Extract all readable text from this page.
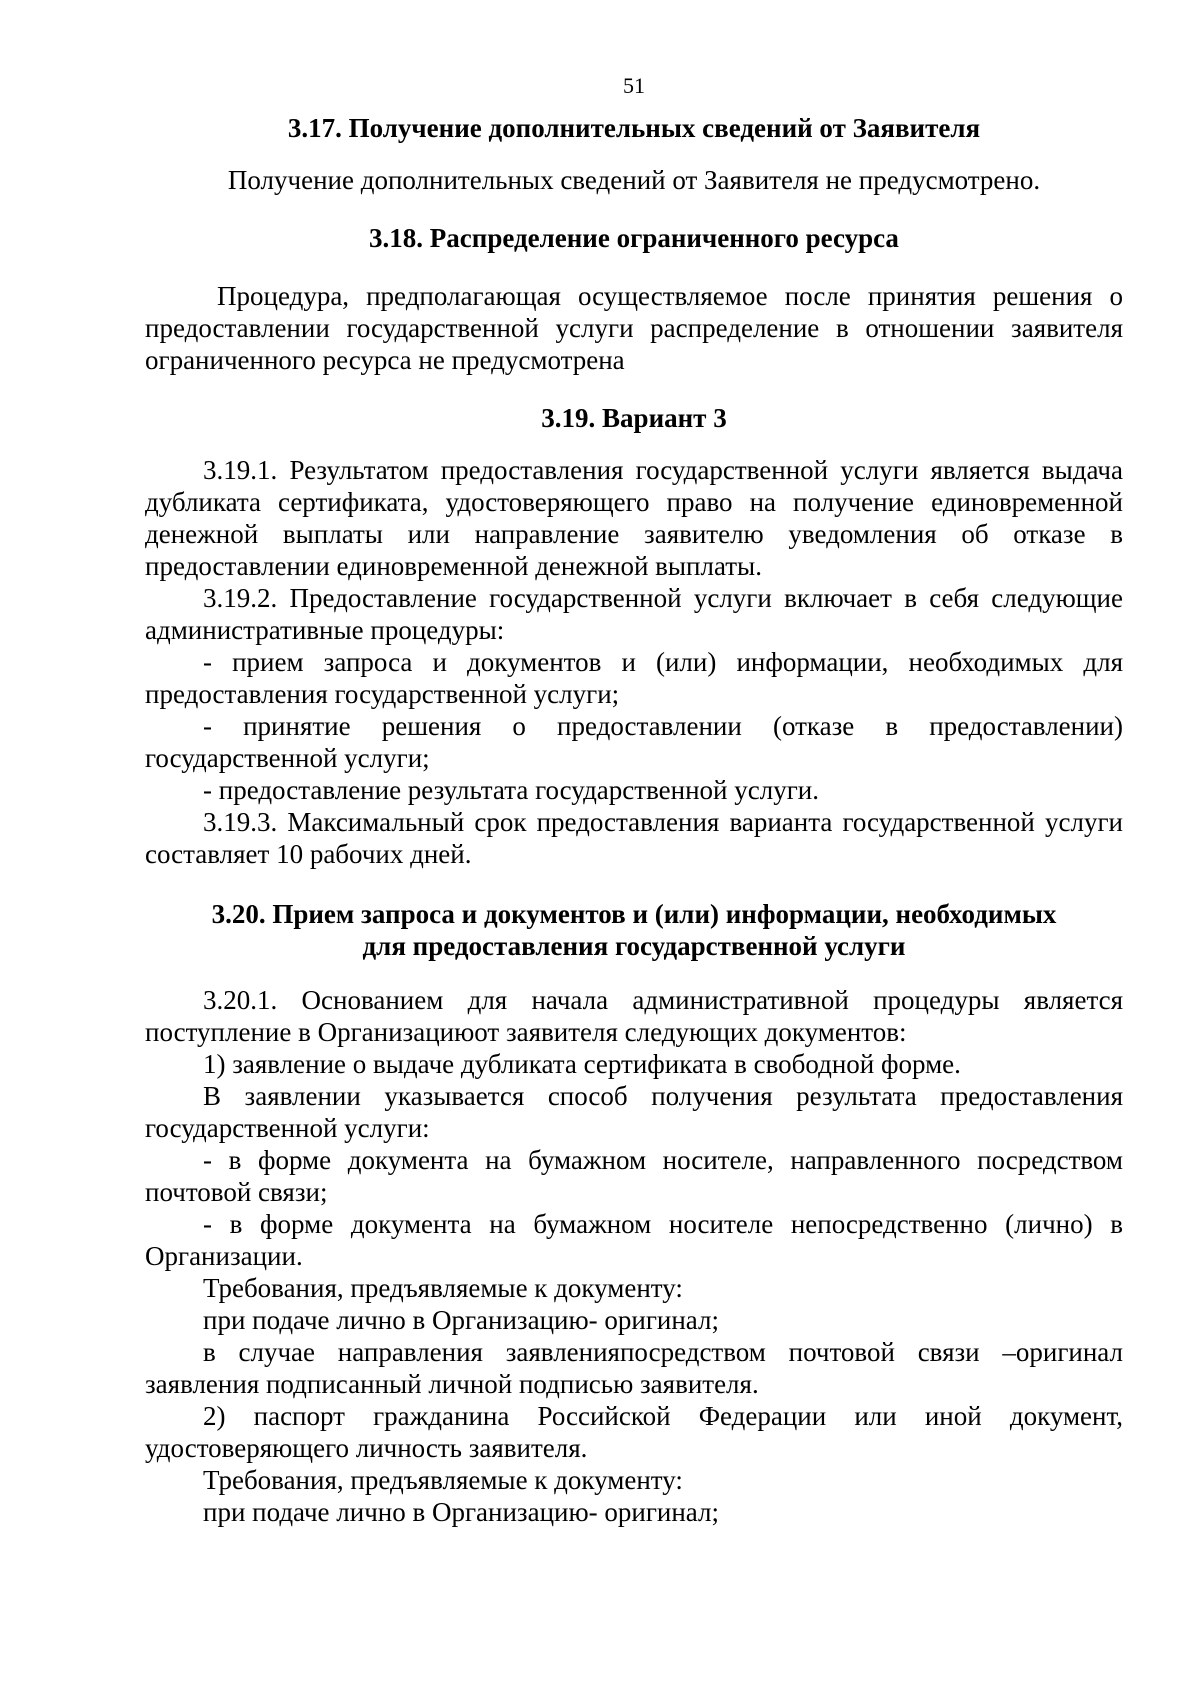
51
3.17. Получение дополнительных сведений от Заявителя

Получение дополнительных сведений от Заявителя не предусмотрено.

3.18. Распределение ограниченного ресурса

Процедура, предполагающая осуществляемое после принятия решения о предоставлении государственной услуги распределение в отношении заявителя ограниченного ресурса не предусмотрена

3.19. Вариант 3

3.19.1. Результатом предоставления государственной услуги является выдача дубликата сертификата, удостоверяющего право на получение единовременной денежной выплаты или направление заявителю уведомления об отказе в предоставлении единовременной денежной выплаты.

3.19.2. Предоставление государственной услуги включает в себя следующие административные процедуры:

- прием запроса и документов и (или) информации, необходимых для предоставления государственной услуги;

- принятие решения о предоставлении (отказе в предоставлении) государственной услуги;

- предоставление результата государственной услуги.

3.19.3. Максимальный срок предоставления варианта государственной услуги составляет 10 рабочих дней.

3.20. Прием запроса и документов и (или) информации, необходимых
для предоставления государственной услуги

3.20.1. Основанием для начала административной процедуры является поступление в Организациюот заявителя следующих документов:

1) заявление о выдаче дубликата сертификата в свободной форме.

В заявлении указывается способ получения результата предоставления государственной услуги:

- в форме документа на бумажном носителе, направленного посредством почтовой связи;

- в форме документа на бумажном носителе непосредственно (лично) в Организации.

Требования, предъявляемые к документу:

при подаче лично в Организацию- оригинал;

в случае направления заявленияпосредством почтовой связи –оригинал заявления подписанный личной подписью заявителя.

2) паспорт гражданина Российской Федерации или иной документ, удостоверяющего личность заявителя.

Требования, предъявляемые к документу:

при подаче лично в Организацию- оригинал;
